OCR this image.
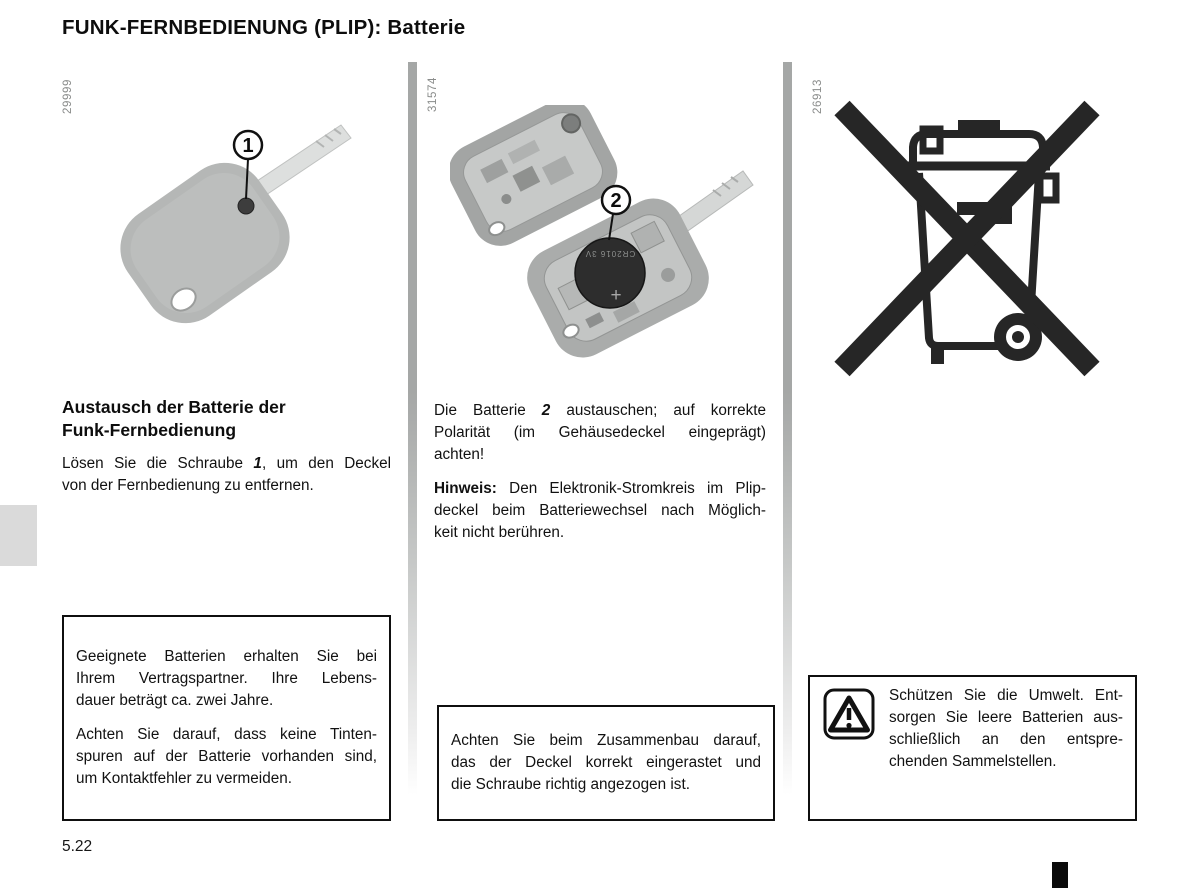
FUNK-FERNBEDIENUNG (PLIP): Batterie
29999	31574	26913
1
CR2016 3V
+
2
Austausch der Batterie der
Funk-Fernbedienung
Lösen Sie die Schraube 1, um den Deckel
von der Fernbedienung zu entfernen.
Die Batterie 2 austauschen; auf korrekte
Polarität (im Gehäusedeckel eingeprägt)
achten!
Hinweis: Den Elektronik-Stromkreis im Plip-
deckel beim Batteriewechsel nach Möglich-
keit nicht berühren.
Geeignete Batterien erhalten Sie bei
Ihrem Vertragspartner. Ihre Lebens-
dauer beträgt ca. zwei Jahre.
Achten Sie darauf, dass keine Tinten-
spuren auf der Batterie vorhanden sind,
um Kontaktfehler zu vermeiden.
Achten Sie beim Zusammenbau darauf,
das der Deckel korrekt eingerastet und
die Schraube richtig angezogen ist.
Schützen Sie die Umwelt. Ent-
sorgen Sie leere Batterien aus-
schließlich an den entspre-
chenden Sammelstellen.
5.22
